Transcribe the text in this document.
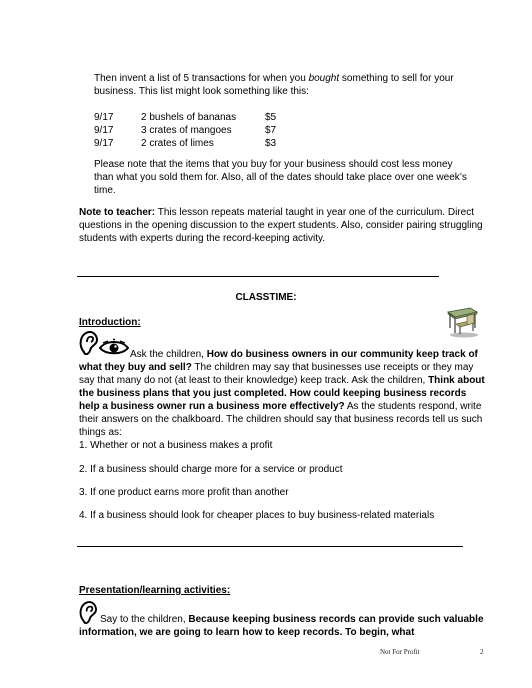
Then invent a list of 5 transactions for when you bought something to sell for your business. This list might look something like this:

9/17	2 bushels of bananas	$5
9/17	3 crates of mangoes	$7
9/17	2 crates of limes	$3

Please note that the items that you buy for your business should cost less money than what you sold them for. Also, all of the dates should take place over one week’s time.

Note to teacher: This lesson repeats material taught in year one of the curriculum. Direct questions in the opening discussion to the expert students. Also, consider pairing struggling students with experts during the record-keeping activity.

CLASSTIME:
Introduction:

Ask the children, How do business owners in our community keep track of what they buy and sell? The children may say that businesses use receipts or they may say that many do not (at least to their knowledge) keep track. Ask the children, Think about the business plans that you just completed. How could keeping business records help a business owner run a business more effectively? As the students respond, write their answers on the chalkboard. The children should say that business records tell us such things as:

1. Whether or not a business makes a profit
2. If a business should charge more for a service or product
3. If one product earns more profit than another
4. If a business should look for cheaper places to buy business-related materials
Presentation/learning activities:

Say to the children, Because keeping business records can provide such valuable information, we are going to learn how to keep records. To begin, what

Not For Profit	2
